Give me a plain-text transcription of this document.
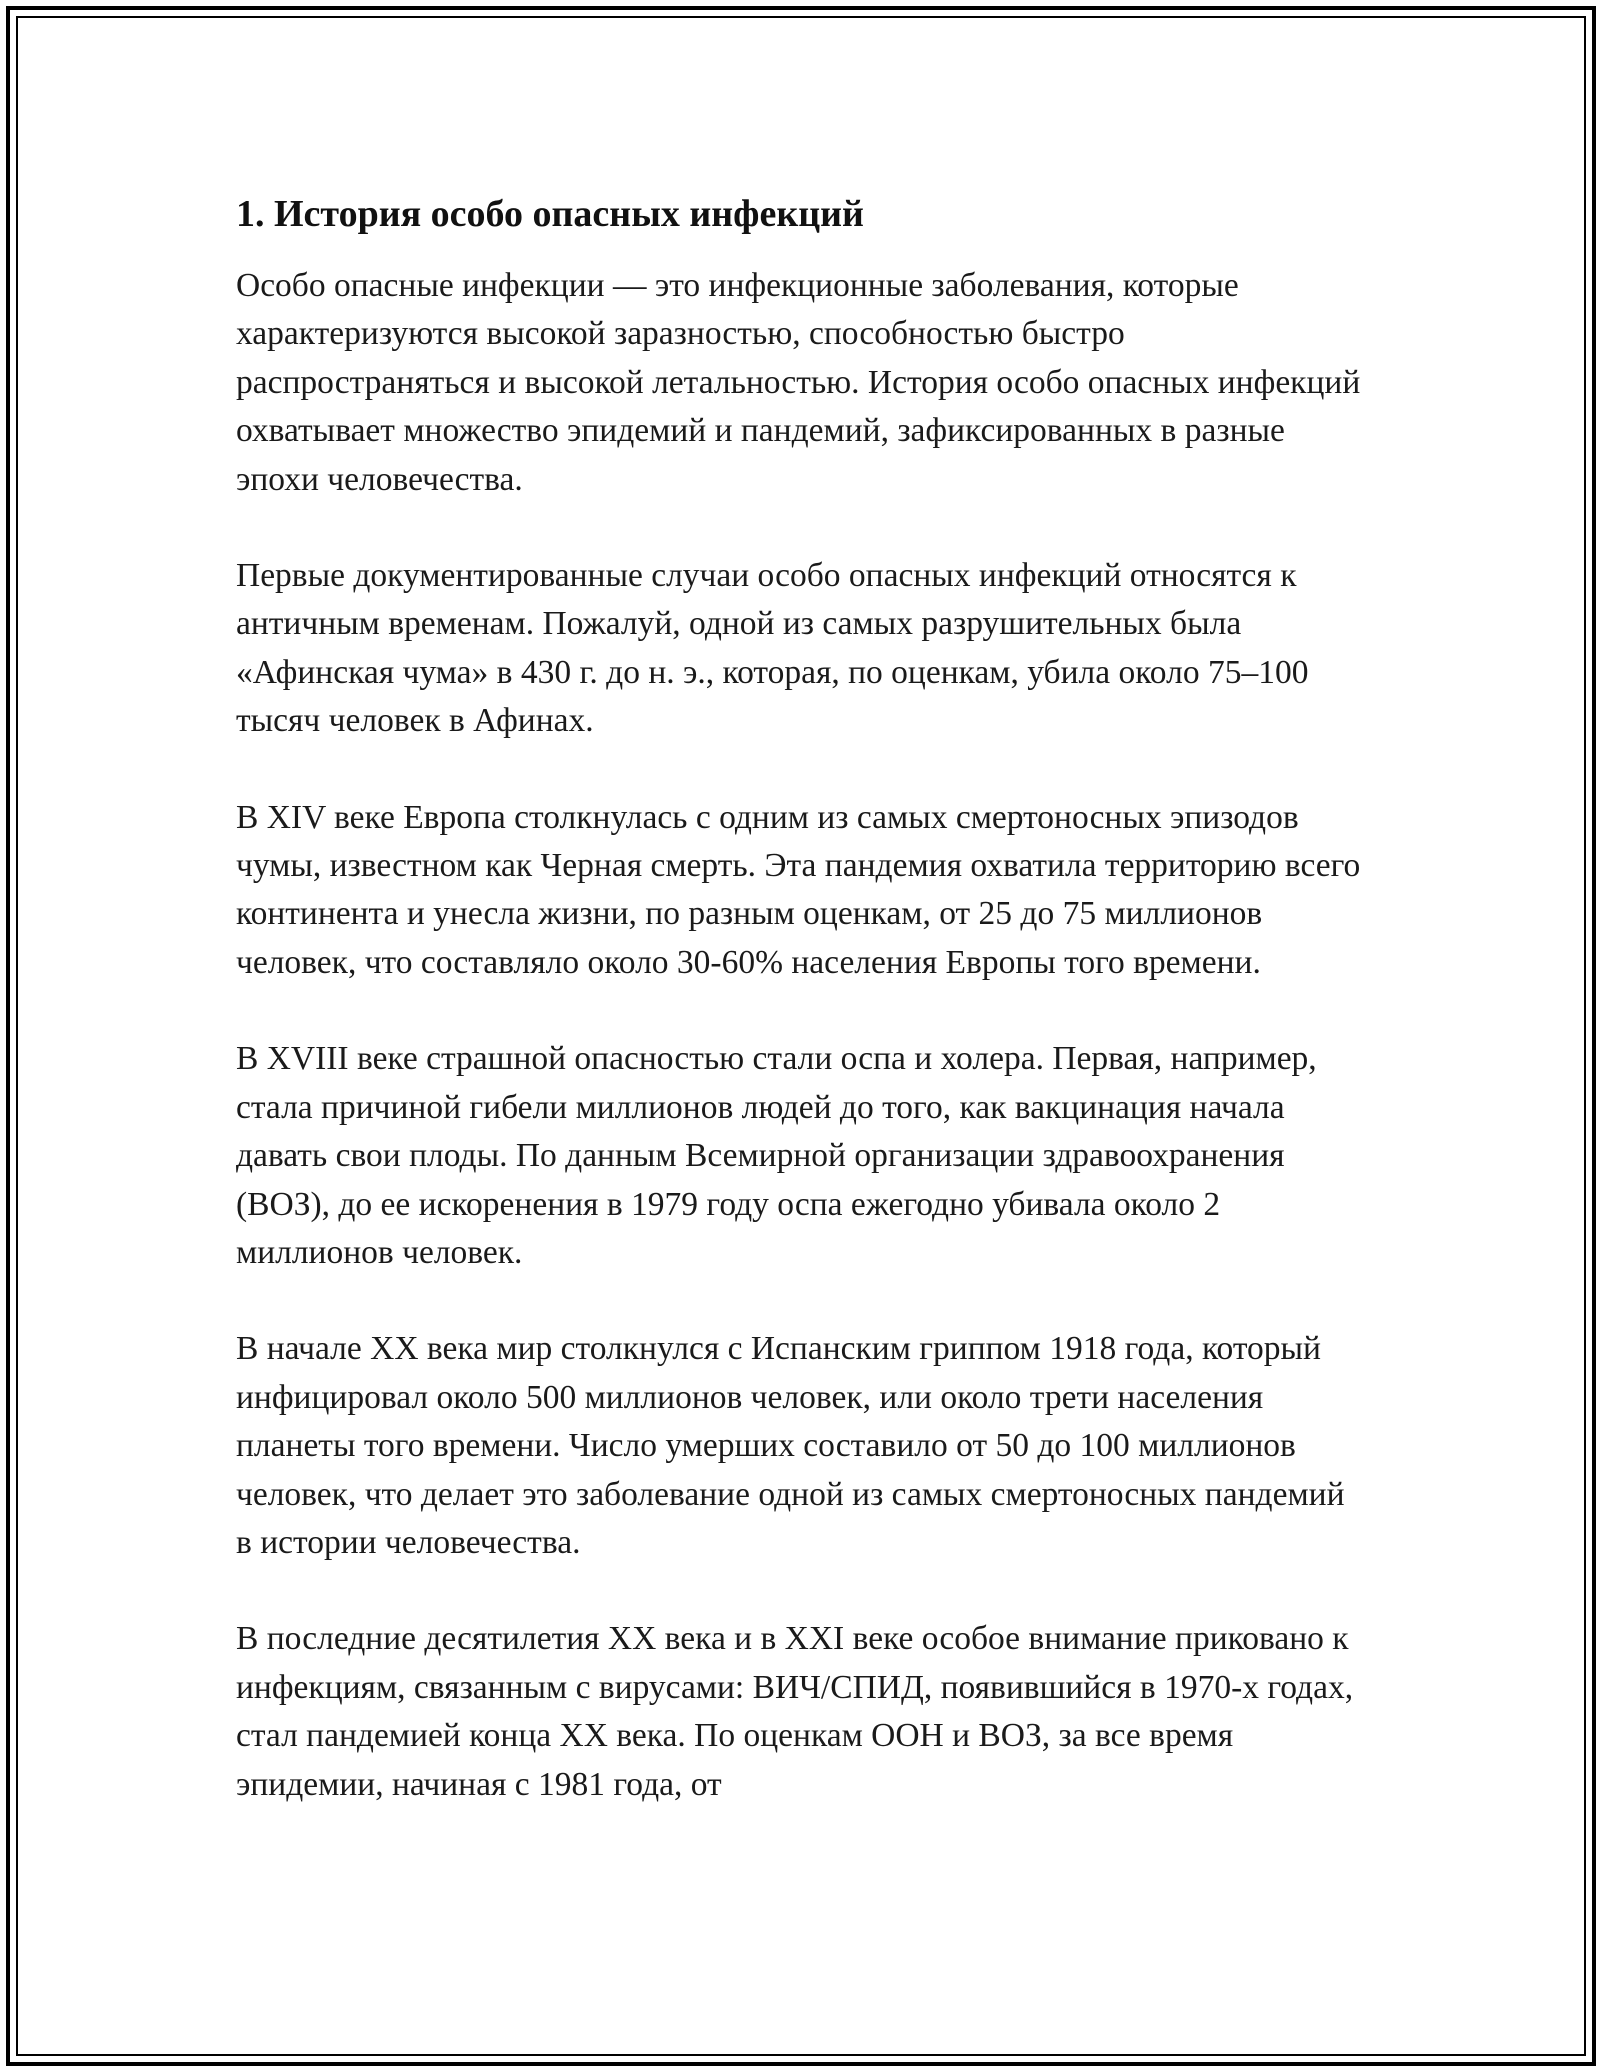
1. История особо опасных инфекций

Особо опасные инфекции — это инфекционные заболевания, которые характеризуются высокой заразностью, способностью быстро распространяться и высокой летальностью. История особо опасных инфекций охватывает множество эпидемий и пандемий, зафиксированных в разные эпохи человечества.

Первые документированные случаи особо опасных инфекций относятся к античным временам. Пожалуй, одной из самых разрушительных была «Афинская чума» в 430 г. до н. э., которая, по оценкам, убила около 75–100 тысяч человек в Афинах.

В XIV веке Европа столкнулась с одним из самых смертоносных эпизодов чумы, известном как Черная смерть. Эта пандемия охватила территорию всего континента и унесла жизни, по разным оценкам, от 25 до 75 миллионов человек, что составляло около 30-60% населения Европы того времени.

В XVIII веке страшной опасностью стали оспа и холера. Первая, например, стала причиной гибели миллионов людей до того, как вакцинация начала давать свои плоды. По данным Всемирной организации здравоохранения (ВОЗ), до ее искоренения в 1979 году оспа ежегодно убивала около 2 миллионов человек.

В начале XX века мир столкнулся с Испанским гриппом 1918 года, который инфицировал около 500 миллионов человек, или около трети населения планеты того времени. Число умерших составило от 50 до 100 миллионов человек, что делает это заболевание одной из самых смертоносных пандемий в истории человечества.

В последние десятилетия XX века и в XXI веке особое внимание приковано к инфекциям, связанным с вирусами: ВИЧ/СПИД, появившийся в 1970-х годах, стал пандемией конца XX века. По оценкам ООН и ВОЗ, за все время эпидемии, начиная с 1981 года, от
